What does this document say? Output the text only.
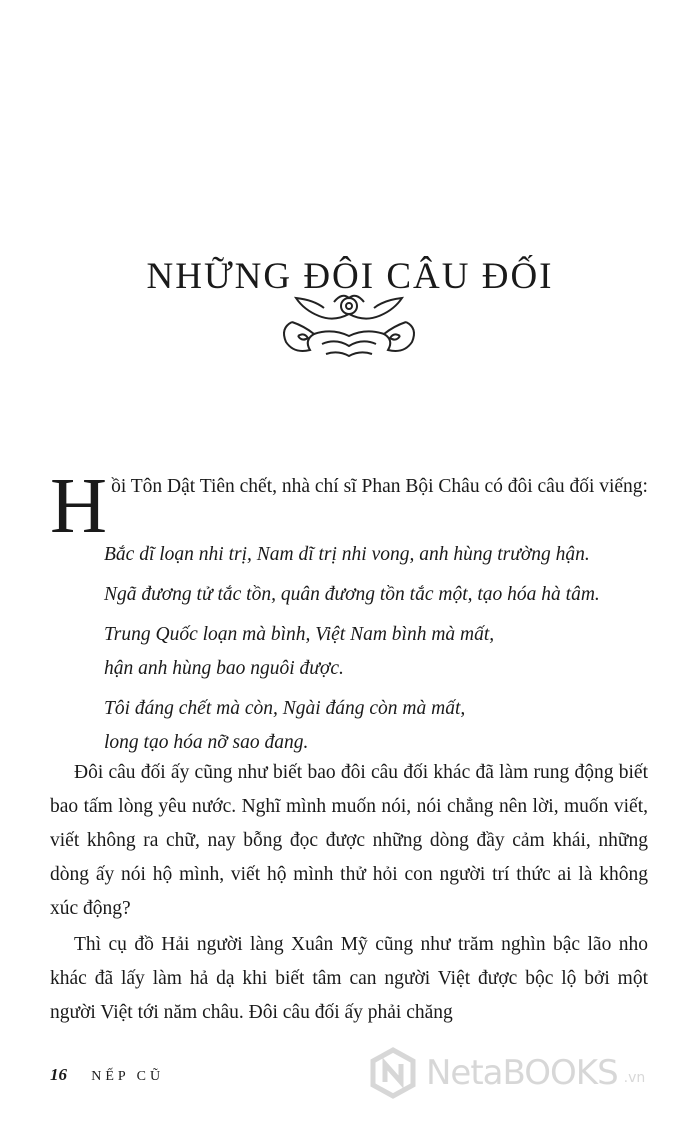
NHỮNG ĐÔI CÂU ĐỐI
Hồi Tôn Dật Tiên chết, nhà chí sĩ Phan Bội Châu có đôi câu đối viếng:
Bắc dĩ loạn nhi trị, Nam dĩ trị nhi vong, anh hùng trường hận.
Ngã đương tử tắc tồn, quân đương tồn tắc một, tạo hóa hà tâm.
Trung Quốc loạn mà bình, Việt Nam bình mà mất,
hận anh hùng bao nguôi được.
Tôi đáng chết mà còn, Ngài đáng còn mà mất,
long tạo hóa nỡ sao đang.

Đôi câu đối ấy cũng như biết bao đôi câu đối khác đã làm rung động biết bao tấm lòng yêu nước. Nghĩ mình muốn nói, nói chẳng nên lời, muốn viết, viết không ra chữ, nay bỗng đọc được những dòng đầy cảm khái, những dòng ấy nói hộ mình, viết hộ mình thử hỏi con người trí thức ai là không xúc động?

Thì cụ đồ Hải người làng Xuân Mỹ cũng như trăm nghìn bậc lão nho khác đã lấy làm hả dạ khi biết tâm can người Việt được bộc lộ bởi một người Việt tới năm châu. Đôi câu đối ấy phải chăng

16 NẾP CŨ	NetaBOOKS .vn
